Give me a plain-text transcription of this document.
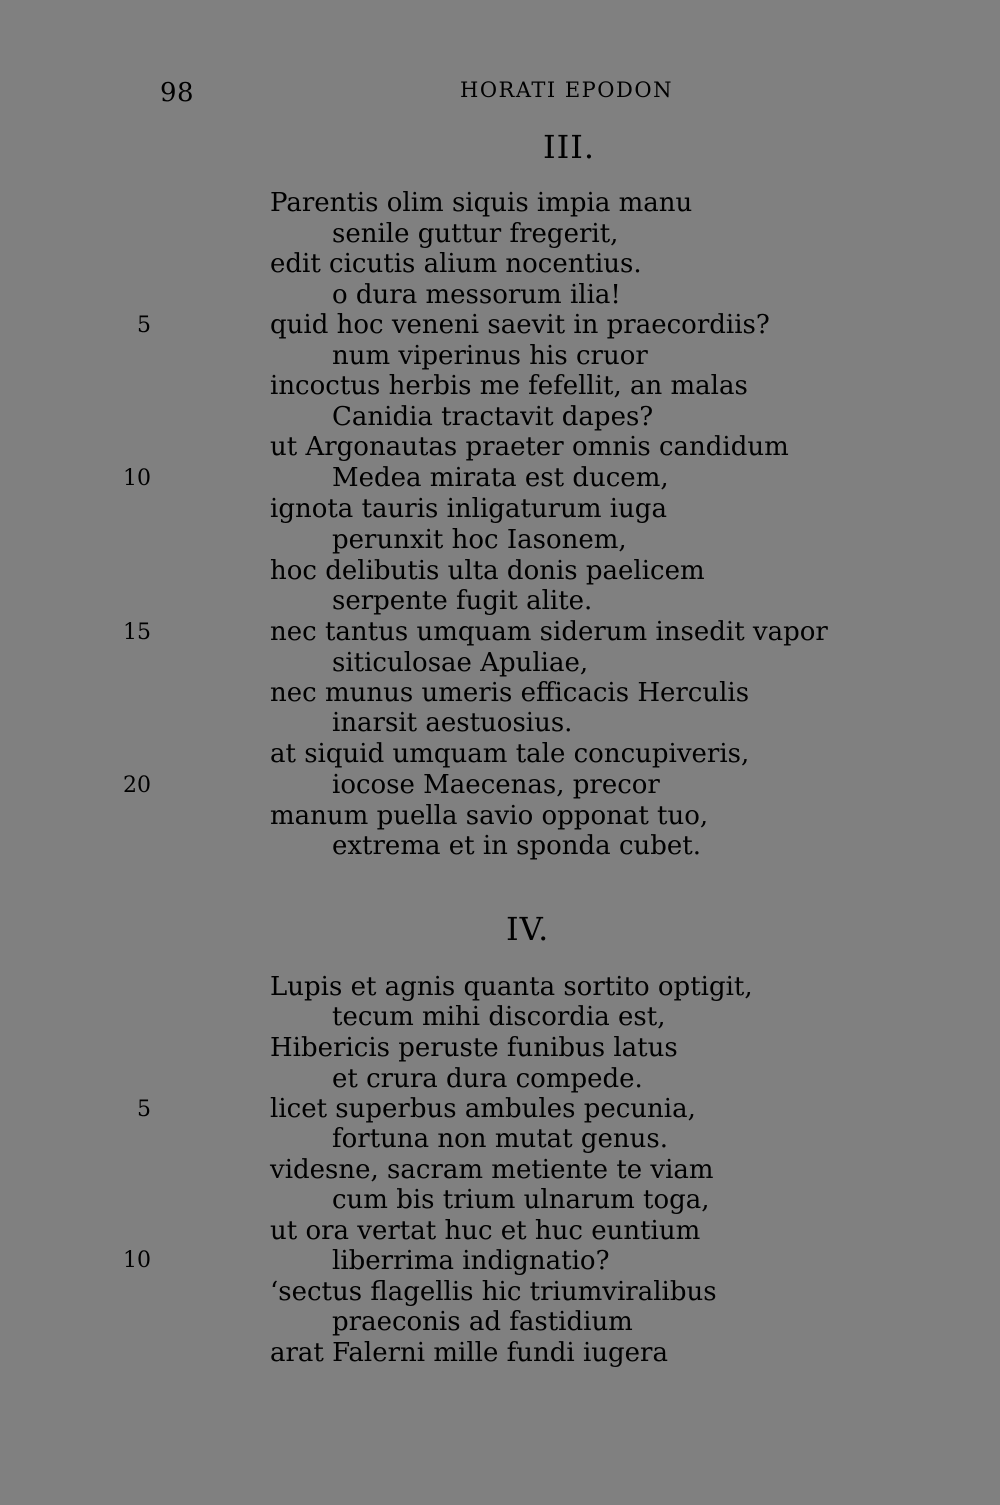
98	HORATI EPODON
III.
Parentis olim siquis impia manu
senile guttur fregerit,
edit cicutis alium nocentius.
o dura messorum ilia!
quid hoc veneni saevit in praecordiis?
num viperinus his cruor
incoctus herbis me fefellit, an malas
Canidia tractavit dapes?
ut Argonautas praeter omnis candidum
Medea mirata est ducem,
ignota tauris inligaturum iuga
perunxit hoc Iasonem,
hoc delibutis ulta donis paelicem
serpente fugit alite.
nec tantus umquam siderum insedit vapor
siticulosae Apuliae,
nec munus umeris efficacis Herculis
inarsit aestuosius.
at siquid umquam tale concupiveris,
iocose Maecenas, precor
manum puella savio opponat tuo,
extrema et in sponda cubet.
5
10
15
20
IV.
Lupis et agnis quanta sortito optigit,
tecum mihi discordia est,
Hibericis peruste funibus latus
et crura dura compede.
licet superbus ambules pecunia,
fortuna non mutat genus.
videsne, sacram metiente te viam
cum bis trium ulnarum toga,
ut ora vertat huc et huc euntium
liberrima indignatio?
‘sectus flagellis hic triumviralibus
praeconis ad fastidium
arat Falerni mille fundi iugera
5
10
